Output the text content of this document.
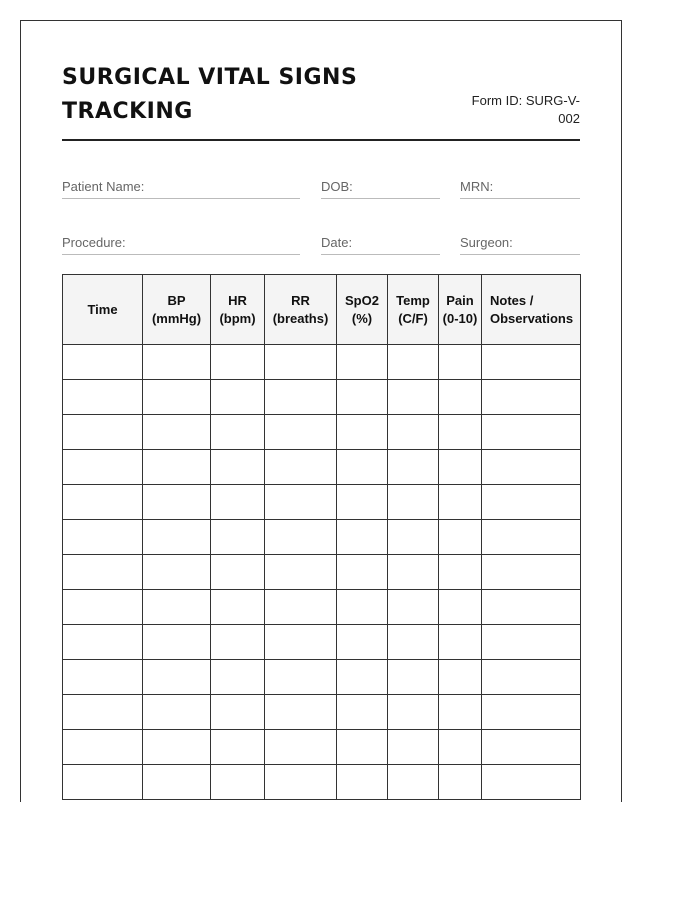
SURGICAL VITAL SIGNS TRACKING	Form ID: SURG-V-002
Patient Name:	DOB:	MRN:
Procedure:	Date:	Surgeon:
Time	BP (mmHg)	HR (bpm)	RR (breaths)	SpO2 (%)	Temp (C/F)	Pain (0-10)	Notes / Observations
